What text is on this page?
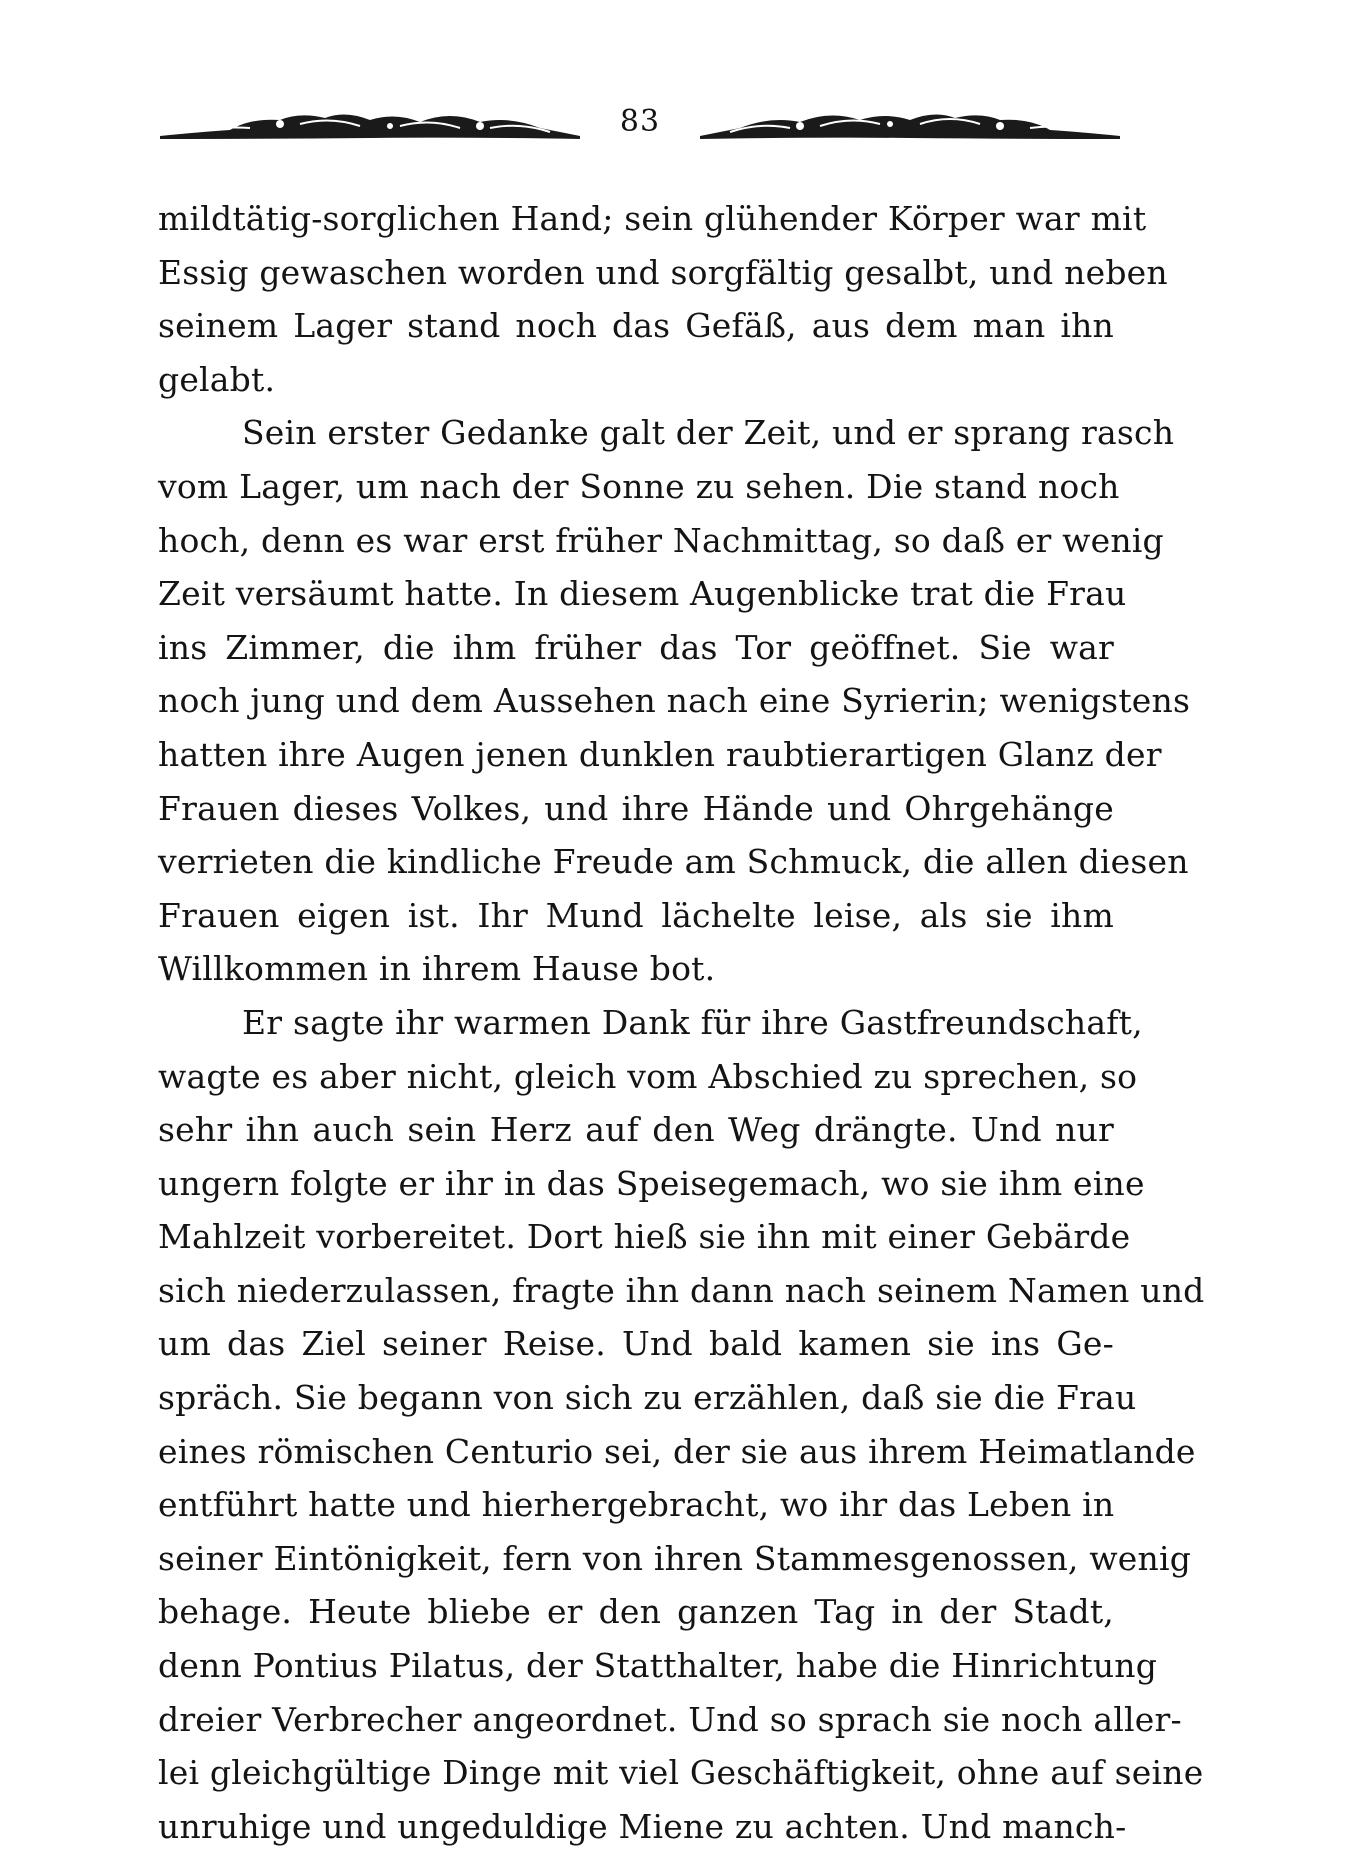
83
mildtätig-sorglichen Hand; sein glühender Körper war mit
Essig gewaschen worden und sorgfältig gesalbt, und neben
seinem Lager stand noch das Gefäß, aus dem man ihn
gelabt.
Sein erster Gedanke galt der Zeit, und er sprang rasch
vom Lager, um nach der Sonne zu sehen. Die stand noch
hoch, denn es war erst früher Nachmittag, so daß er wenig
Zeit versäumt hatte. In diesem Augenblicke trat die Frau
ins Zimmer, die ihm früher das Tor geöffnet. Sie war
noch jung und dem Aussehen nach eine Syrierin; wenigstens
hatten ihre Augen jenen dunklen raubtierartigen Glanz der
Frauen dieses Volkes, und ihre Hände und Ohrgehänge
verrieten die kindliche Freude am Schmuck, die allen diesen
Frauen eigen ist. Ihr Mund lächelte leise, als sie ihm
Willkommen in ihrem Hause bot.
Er sagte ihr warmen Dank für ihre Gastfreundschaft,
wagte es aber nicht, gleich vom Abschied zu sprechen, so
sehr ihn auch sein Herz auf den Weg drängte. Und nur
ungern folgte er ihr in das Speisegemach, wo sie ihm eine
Mahlzeit vorbereitet. Dort hieß sie ihn mit einer Gebärde
sich niederzulassen, fragte ihn dann nach seinem Namen und
um das Ziel seiner Reise. Und bald kamen sie ins Ge-
spräch. Sie begann von sich zu erzählen, daß sie die Frau
eines römischen Centurio sei, der sie aus ihrem Heimatlande
entführt hatte und hierhergebracht, wo ihr das Leben in
seiner Eintönigkeit, fern von ihren Stammesgenossen, wenig
behage. Heute bliebe er den ganzen Tag in der Stadt,
denn Pontius Pilatus, der Statthalter, habe die Hinrichtung
dreier Verbrecher angeordnet. Und so sprach sie noch aller-
lei gleichgültige Dinge mit viel Geschäftigkeit, ohne auf seine
unruhige und ungeduldige Miene zu achten. Und manch-
